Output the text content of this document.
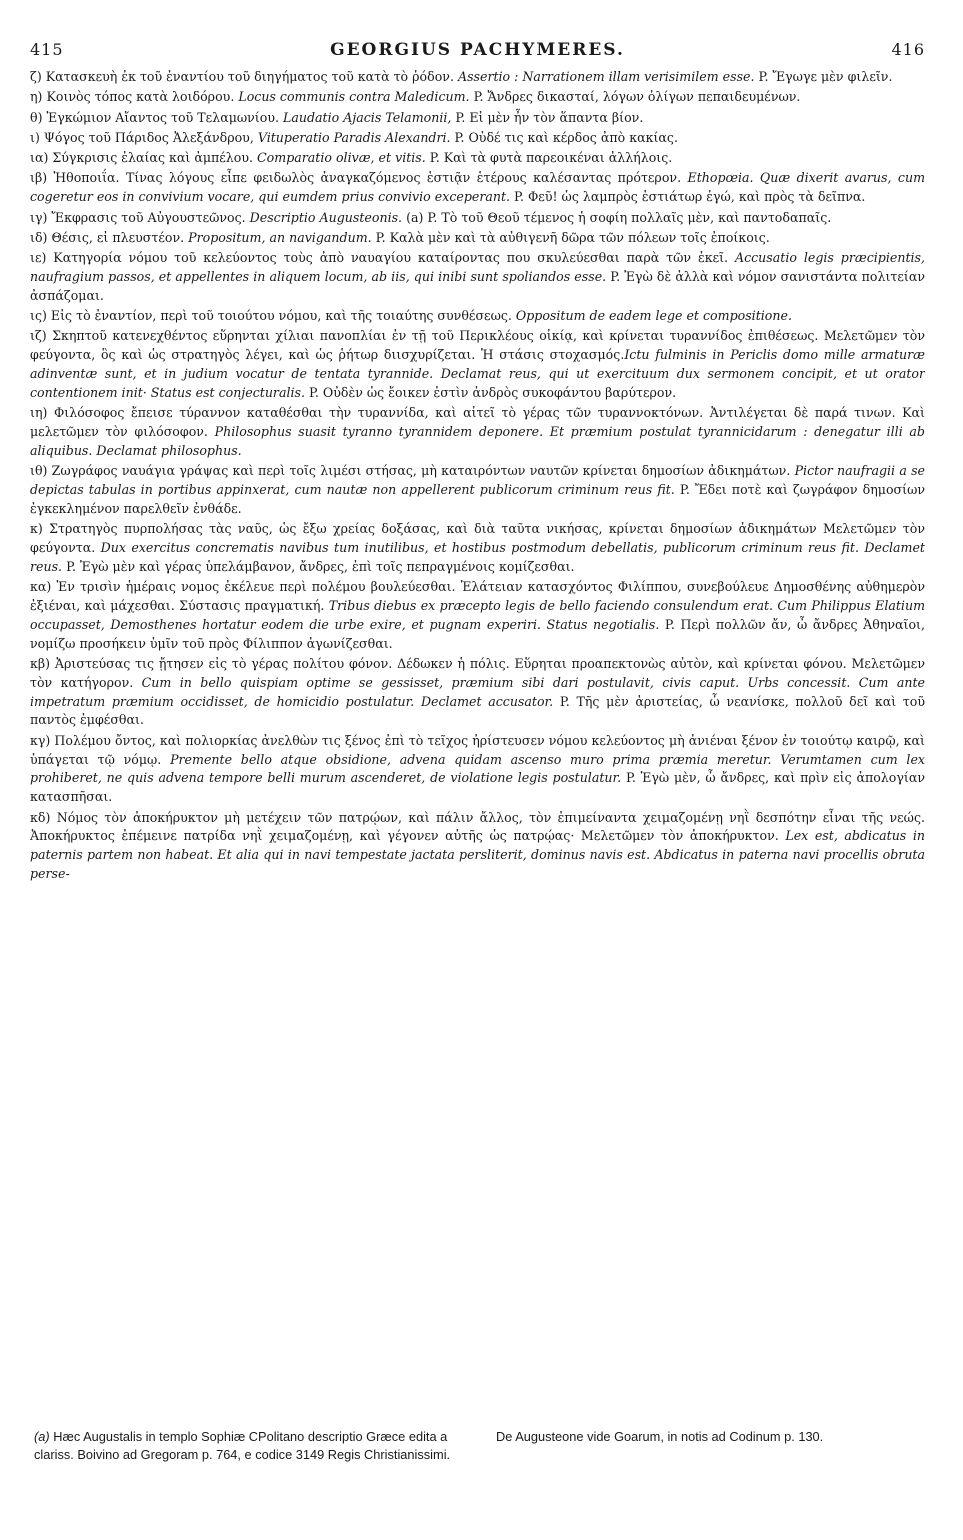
415	GEORGIUS PACHYMERES.	416
ζ) Κατασκευὴ ἐκ τοῦ ἐναντίου τοῦ διηγήματος τοῦ κατὰ τὸ ῥόδον. Assertio : Narrationem illam verisimilem esse. P. Ἔγωγε μὲν φιλεῖν.
η) Κοινὸς τόπος κατὰ λοιδόρου. Locus communis contra Maledicum. P. Ἄνδρες δικασταί, λόγων ὀλίγων πεπαιδευμένων.
θ) Ἐγκώμιον Αἴαντος τοῦ Τελαμωνίου. Laudatio Ajacis Telamonii, P. Εἰ μὲν ἦν τὸν ἅπαντα βίον.
ι) Ψόγος τοῦ Πάριδος Ἀλεξάνδρου, Vituperatio Paradis Alexandri. P. Οὐδέ τις καὶ κέρδος ἀπὸ κακίας.
ια) Σύγκρισις ἐλαίας καὶ ἀμπέλου. Comparatio olivæ, et vitis. P. Καὶ τὰ φυτὰ παρεοικέναι ἀλλήλοις.
ιβ) Ἠθοποιΐα. Τίνας λόγους εἶπε φειδωλὸς ἀναγκαζόμενος ἑστιᾷν ἑτέρους καλέσαντας πρότερον. Ethopœia. Quæ dixerit avarus, cum cogeretur eos in convivium vocare, qui eumdem prius convivio exceperant. P. Φεῦ! ὡς λαμπρὸς ἑστιάτωρ ἐγώ, καὶ πρὸς τὰ δεῖπνα.
ιγ) Ἔκφρασις τοῦ Αὐγουστεῶνος. Descriptio Augusteonis. (a) P. Τὸ τοῦ Θεοῦ τέμενος ἡ σοφίη πολλαῖς μὲν, καὶ παντοδαπαῖς.
ιδ) Θέσις, εἰ πλευστέον. Propositum, an navigandum. P. Καλὰ μὲν καὶ τὰ αὐθιγενῆ δῶρα τῶν πόλεων τοῖς ἐποίκοις.
ιε) Κατηγορία νόμου τοῦ κελεύοντος τοὺς ἀπὸ ναυαγίου καταίροντας που σκυλεύεσθαι παρὰ τῶν ἐκεῖ. Accusatio legis præcipientis, naufragium passos, et appellentes in aliquem locum, ab iis, qui inibi sunt spoliandos esse. P. Ἐγὼ δὲ ἀλλὰ καὶ νόμον σανιστάντα πολιτείαν ἀσπάζομαι.
ις) Εἰς τὸ ἐναντίον, περὶ τοῦ τοιούτου νόμου, καὶ τῆς τοιαύτης συνθέσεως. Oppositum de eadem lege et compositione.
ιζ) Σκηπτοῦ κατενεχθέντος εὕρηνται χίλιαι πανοπλίαι ἐν τῇ τοῦ Περικλέους οἰκίᾳ, καὶ κρίνεται τυραννίδος ἐπιθέσεως. Μελετῶμεν τὸν φεύγοντα, ὃς καὶ ὡς στρατηγὸς λέγει, καὶ ὡς ῥήτωρ διισχυρίζεται. Ἡ στάσις στοχασμός.Ictu fulminis in Periclis domo mille armaturæ adinventæ sunt, et in judium vocatur de tentata tyrannide. Declamat reus, qui ut exercituum dux sermonem concipit, et ut orator contentionem init· Status est conjecturalis. P. Οὐδὲν ὡς ἔοικεν ἐστὶν ἀνδρὸς συκοφάντου βαρύτερον.
ιη) Φιλόσοφος ἔπεισε τύραννον καταθέσθαι τὴν τυραννίδα, καὶ αἰτεῖ τὸ γέρας τῶν τυραννοκτόνων. Ἀντιλέγεται δὲ παρά τινων. Καὶ μελετῶμεν τὸν φιλόσοφον. Philosophus suasit tyranno tyrannidem deponere. Et præmium postulat tyrannicidarum : denegatur illi ab aliquibus. Declamat philosophus.
ιθ) Ζωγράφος ναυάγια γράψας καὶ περὶ τοῖς λιμέσι στήσας, μὴ καταιρόντων ναυτῶν κρίνεται δημοσίων ἀδικημάτων. Pictor naufragii a se depictas tabulas in portibus appinxerat, cum nautæ non appellerent publicorum criminum reus fit. P. Ἔδει ποτὲ καὶ ζωγράφον δημοσίων ἐγκεκλημένον παρελθεῖν ἐνθάδε.
κ) Στρατηγὸς πυρπολήσας τὰς ναῦς, ὡς ἔξω χρείας δοξάσας, καὶ διὰ ταῦτα νικήσας, κρίνεται δημοσίων ἀδικημάτων Μελετῶμεν τὸν φεύγοντα. Dux exercitus concrematis navibus tum inutilibus, et hostibus postmodum debellatis, publicorum criminum reus fit. Declamet reus. P. Ἐγὼ μὲν καὶ γέρας ὑπελάμβανον, ἄνδρες, ἐπὶ τοῖς πεπραγμένοις κομίζεσθαι.
κα) Ἐν τρισὶν ἡμέραις νομος ἐκέλευε περὶ πολέμου βουλεύεσθαι. Ἐλάτειαν κατασχόντος Φιλίππου, συνεβούλευε Δημοσθένης αὐθημερὸν ἐξιέναι, καὶ μάχεσθαι. Σύστασις πραγματική. Tribus diebus ex præcepto legis de bello faciendo consulendum erat. Cum Philippus Elatium occupasset, Demosthenes hortatur eodem die urbe exire, et pugnam experiri. Status negotialis. P. Περὶ πολλῶν ἄν, ὦ ἄνδρες Ἀθηναῖοι, νομίζω προσήκειν ὑμῖν τοῦ πρὸς Φίλιππον ἀγωνίζεσθαι.
κβ) Ἀριστεύσας τις ᾔτησεν εἰς τὸ γέρας πολίτου φόνον. Δέδωκεν ἡ πόλις. Εὕρηται προαπεκτονὼς αὐτὸν, καὶ κρίνεται φόνου. Μελετῶμεν τὸν κατήγορον. Cum in bello quispiam optime se gessisset, præmium sibi dari postulavit, civis caput. Urbs concessit. Cum ante impetratum præmium occidisset, de homicidio postulatur. Declamet accusator. P. Τῆς μὲν ἀριστείας, ὦ νεανίσκε, πολλοῦ δεῖ καὶ τοῦ παντὸς ἐμφέσθαι.
κγ) Πολέμου ὄντος, καὶ πολιορκίας ἀνελθὼν τις ξένος ἐπὶ τὸ τεῖχος ἠρίστευσεν νόμου κελεύοντος μὴ ἀνιέναι ξένον ἐν τοιούτῳ καιρῷ, καὶ ὑπάγεται τῷ νόμῳ. Premente bello atque obsidione, advena quidam ascenso muro prima præmia meretur. Verumtamen cum lex prohiberet, ne quis advena tempore belli murum ascenderet, de violatione legis postulatur. P. Ἐγὼ μὲν, ὦ ἄνδρες, καὶ πρὶν εἰς ἀπολογίαν κατασπῆσαι.
κδ) Νόμος τὸν ἀποκήρυκτον μὴ μετέχειν τῶν πατρῴων, καὶ πάλιν ἄλλος, τὸν ἐπιμείναντα χειμαζομένῃ νηῒ δεσπότην εἶναι τῆς νεώς. Ἀποκήρυκτος ἐπέμεινε πατρίδα νηῒ χειμαζομένῃ, καὶ γέγονεν αὐτῆς ὡς πατρῴας· Μελετῶμεν τὸν ἀποκήρυκτον. Lex est, abdicatus in paternis partem non habeat. Et alia qui in navi tempestate jactata persliterit, dominus navis est. Abdicatus in paterna navi procellis obruta perse-
(a) Hæc Augustalis in templo Sophiæ CPolitano descriptio Græce edita a clariss. Boivino ad Gregoram p. 764, e codice 3149 Regis Christianissimi.
De Augusteone vide Goarum, in notis ad Codinum p. 130.
